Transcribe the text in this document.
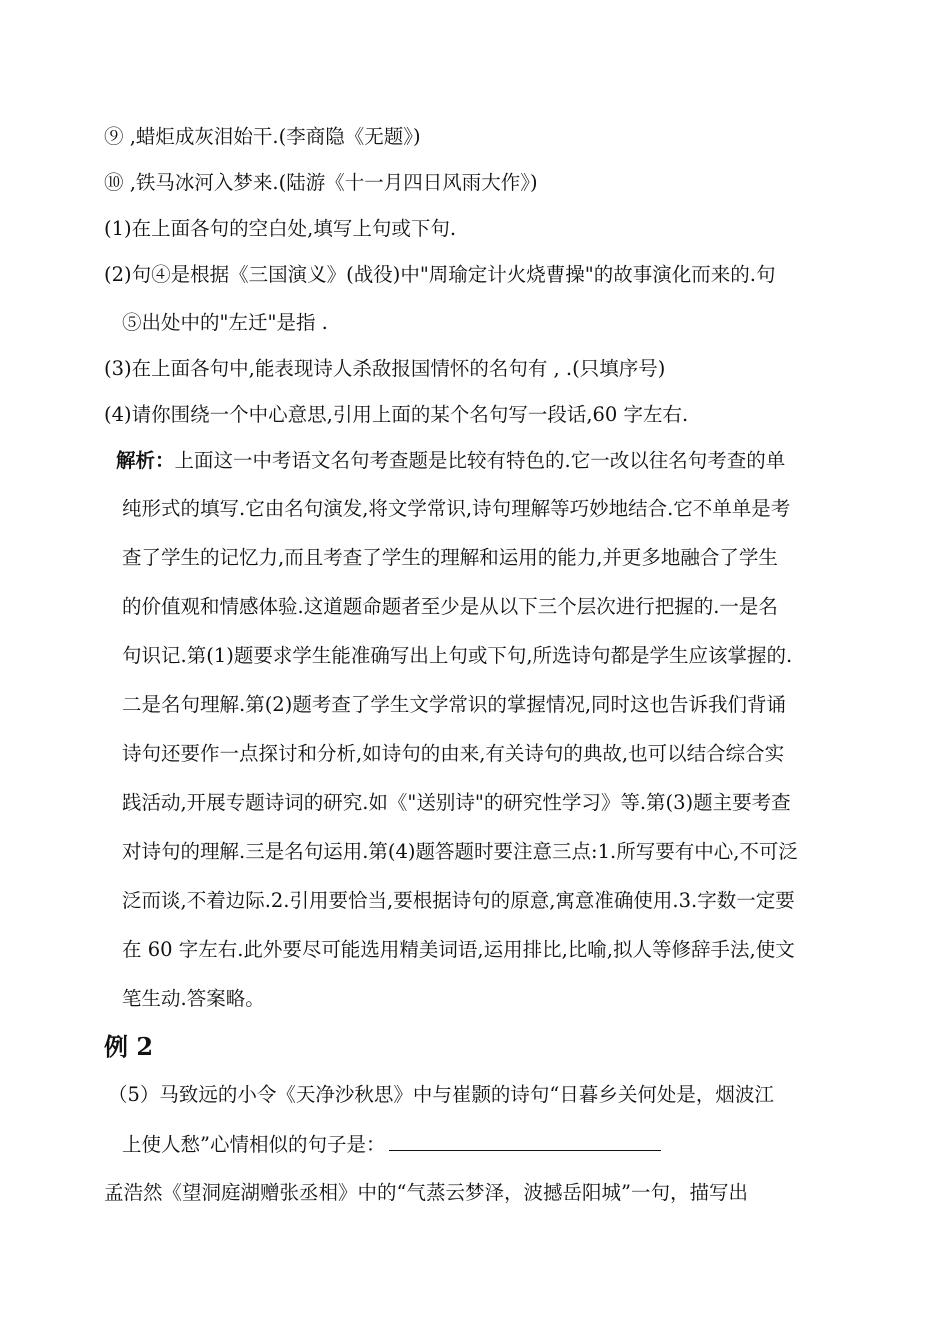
⑨ ,蜡炬成灰泪始干.(李商隐《无题》)
⑩ ,铁马冰河入梦来.(陆游《十一月四日风雨大作》)
(1)在上面各句的空白处,填写上句或下句.
(2)句④是根据《三国演义》(战役)中"周瑜定计火烧曹操"的故事演化而来的.句
⑤出处中的"左迁"是指 .
(3)在上面各句中,能表现诗人杀敌报国情怀的名句有 , .(只填序号)
(4)请你围绕一个中心意思,引用上面的某个名句写一段话,60 字左右.
解析：上面这一中考语文名句考查题是比较有特色的.它一改以往名句考查的单
纯形式的填写.它由名句演发,将文学常识,诗句理解等巧妙地结合.它不单单是考
查了学生的记忆力,而且考查了学生的理解和运用的能力,并更多地融合了学生
的价值观和情感体验.这道题命题者至少是从以下三个层次进行把握的.一是名
句识记.第(1)题要求学生能准确写出上句或下句,所选诗句都是学生应该掌握的.
二是名句理解.第(2)题考查了学生文学常识的掌握情况,同时这也告诉我们背诵
诗句还要作一点探讨和分析,如诗句的由来,有关诗句的典故,也可以结合综合实
践活动,开展专题诗词的研究.如《"送别诗"的研究性学习》等.第(3)题主要考查
对诗句的理解.三是名句运用.第(4)题答题时要注意三点:1.所写要有中心,不可泛
泛而谈,不着边际.2.引用要恰当,要根据诗句的原意,寓意准确使用.3.字数一定要
在 60 字左右.此外要尽可能选用精美词语,运用排比,比喻,拟人等修辞手法,使文
笔生动.答案略。
例 2
（5）马致远的小令《天净沙秋思》中与崔颢的诗句“日暮乡关何处是，烟波江
上使人愁”心情相似的句子是：
孟浩然《望洞庭湖赠张丞相》中的“气蒸云梦泽，波撼岳阳城”一句，描写出
